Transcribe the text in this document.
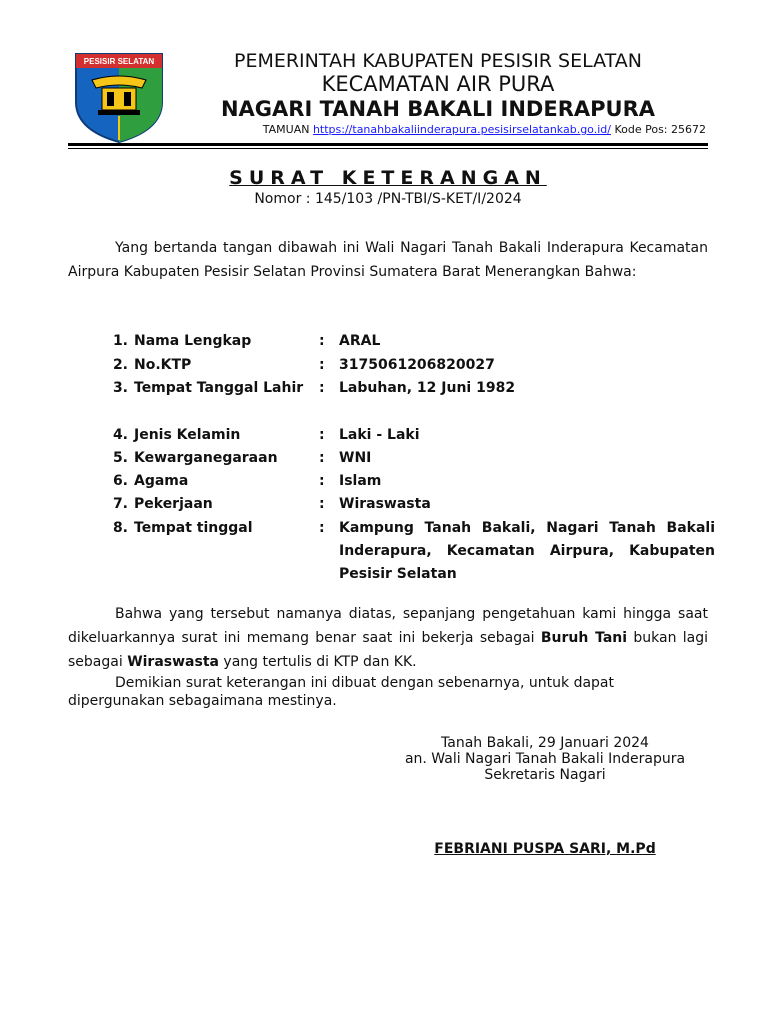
PESISIR SELATAN	PEMERINTAH KABUPATEN PESISIR SELATAN
KECAMATAN AIR PURA
NAGARI TANAH BAKALI INDERAPURA
TAMUAN https://tanahbakaliinderapura.pesisirselatankab.go.id/ Kode Pos: 25672
SURAT KETERANGAN
Nomor : 145/103 /PN-TBI/S-KET/I/2024
Yang bertanda tangan dibawah ini Wali Nagari Tanah Bakali Inderapura Kecamatan Airpura Kabupaten Pesisir Selatan Provinsi Sumatera Barat Menerangkan Bahwa:
1. Nama Lengkap	: ARAL
2. No.KTP	: 3175061206820027
3. Tempat Tanggal Lahir : Labuhan, 12 Juni 1982
4. Jenis Kelamin	: Laki - Laki
5. Kewarganegaraan	: WNI
6. Agama	: Islam
7. Pekerjaan	: Wiraswasta
8. Tempat tinggal	: Kampung Tanah Bakali, Nagari Tanah Bakali Inderapura, Kecamatan Airpura, Kabupaten Pesisir Selatan
Bahwa yang tersebut namanya diatas, sepanjang pengetahuan kami hingga saat dikeluarkannya surat ini memang benar saat ini bekerja sebagai Buruh Tani bukan lagi sebagai Wiraswasta yang tertulis di KTP dan KK.
Demikian surat keterangan ini dibuat dengan sebenarnya, untuk dapat dipergunakan sebagaimana mestinya.
Tanah Bakali, 29 Januari 2024
an. Wali Nagari Tanah Bakali Inderapura
Sekretaris Nagari
FEBRIANI PUSPA SARI, M.Pd
